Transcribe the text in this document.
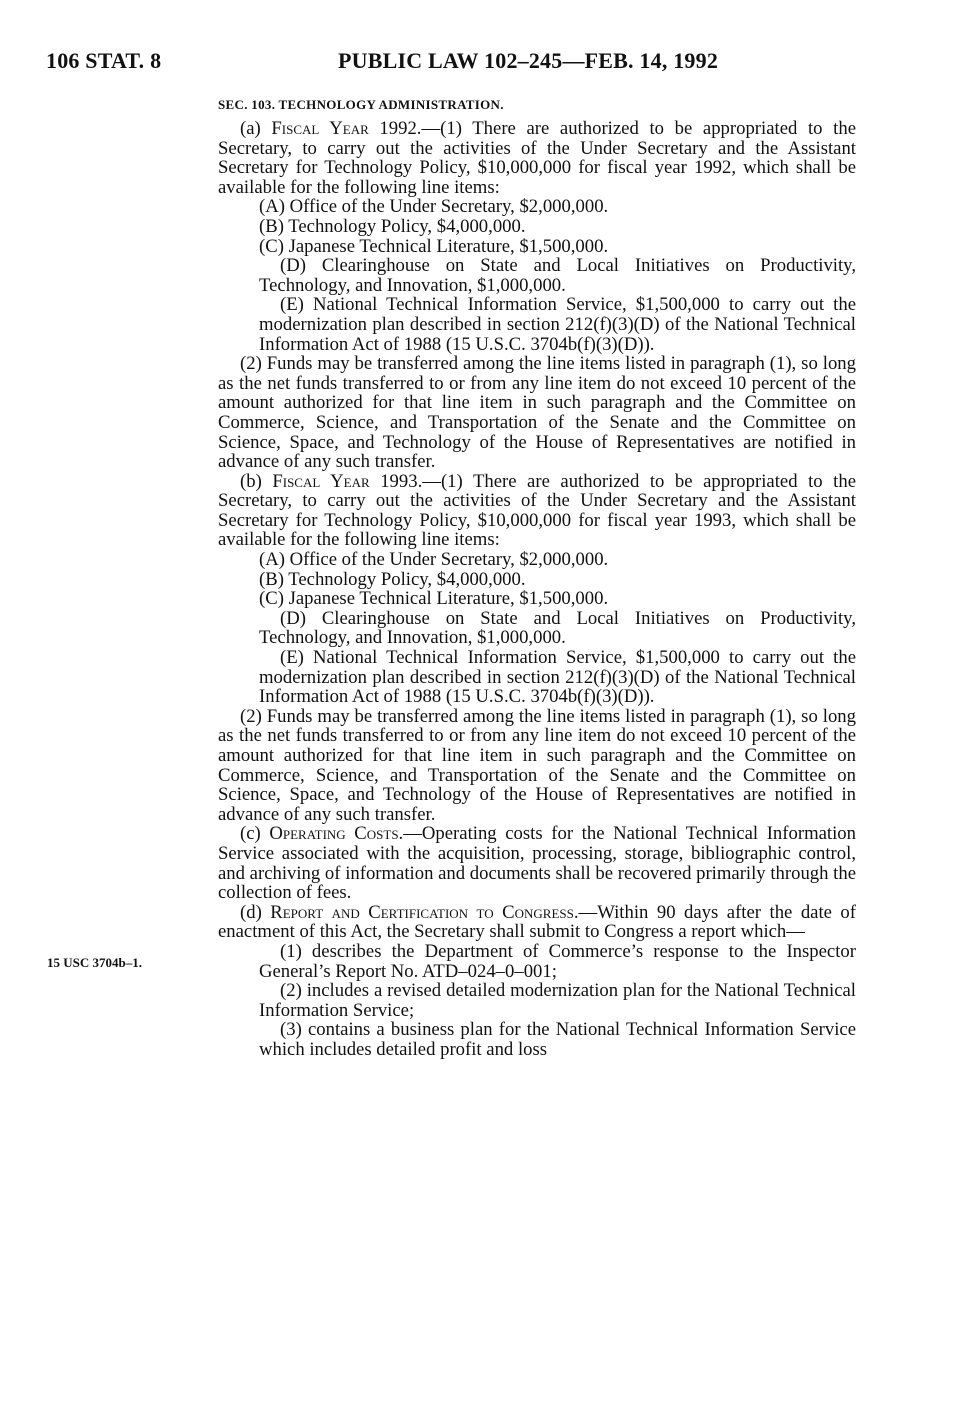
106 STAT. 8	PUBLIC LAW 102–245—FEB. 14, 1992
15 USC 3704b–1.
SEC. 103. TECHNOLOGY ADMINISTRATION.

(a) Fiscal Year 1992.—(1) There are authorized to be appropriated to the Secretary, to carry out the activities of the Under Secretary and the Assistant Secretary for Technology Policy, $10,000,000 for fiscal year 1992, which shall be available for the following line items:

(A) Office of the Under Secretary, $2,000,000.

(B) Technology Policy, $4,000,000.

(C) Japanese Technical Literature, $1,500,000.

(D) Clearinghouse on State and Local Initiatives on Productivity, Technology, and Innovation, $1,000,000.

(E) National Technical Information Service, $1,500,000 to carry out the modernization plan described in section 212(f)(3)(D) of the National Technical Information Act of 1988 (15 U.S.C. 3704b(f)(3)(D)).

(2) Funds may be transferred among the line items listed in paragraph (1), so long as the net funds transferred to or from any line item do not exceed 10 percent of the amount authorized for that line item in such paragraph and the Committee on Commerce, Science, and Transportation of the Senate and the Committee on Science, Space, and Technology of the House of Representatives are notified in advance of any such transfer.

(b) Fiscal Year 1993.—(1) There are authorized to be appropriated to the Secretary, to carry out the activities of the Under Secretary and the Assistant Secretary for Technology Policy, $10,000,000 for fiscal year 1993, which shall be available for the following line items:

(A) Office of the Under Secretary, $2,000,000.

(B) Technology Policy, $4,000,000.

(C) Japanese Technical Literature, $1,500,000.

(D) Clearinghouse on State and Local Initiatives on Productivity, Technology, and Innovation, $1,000,000.

(E) National Technical Information Service, $1,500,000 to carry out the modernization plan described in section 212(f)(3)(D) of the National Technical Information Act of 1988 (15 U.S.C. 3704b(f)(3)(D)).

(2) Funds may be transferred among the line items listed in paragraph (1), so long as the net funds transferred to or from any line item do not exceed 10 percent of the amount authorized for that line item in such paragraph and the Committee on Commerce, Science, and Transportation of the Senate and the Committee on Science, Space, and Technology of the House of Representatives are notified in advance of any such transfer.

(c) Operating Costs.—Operating costs for the National Technical Information Service associated with the acquisition, processing, storage, bibliographic control, and archiving of information and documents shall be recovered primarily through the collection of fees.

(d) Report and Certification to Congress.—Within 90 days after the date of enactment of this Act, the Secretary shall submit to Congress a report which—

(1) describes the Department of Commerce’s response to the Inspector General’s Report No. ATD–024–0–001;

(2) includes a revised detailed modernization plan for the National Technical Information Service;

(3) contains a business plan for the National Technical Information Service which includes detailed profit and loss
